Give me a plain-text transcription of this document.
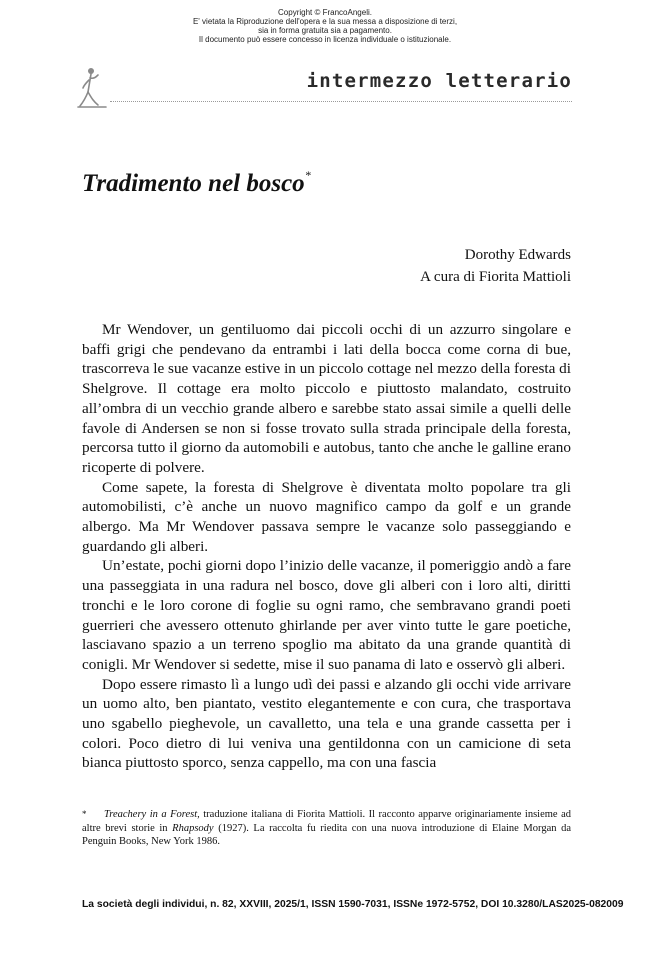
Copyright © FrancoAngeli.
E' vietata la Riproduzione dell'opera e la sua messa a disposizione di terzi,
sia in forma gratuita sia a pagamento.
Il documento può essere concesso in licenza individuale o istituzionale.
intermezzo letterario
Tradimento nel bosco*
Dorothy Edwards
A cura di Fiorita Mattioli

Mr Wendover, un gentiluomo dai piccoli occhi di un azzurro singolare e baffi grigi che pendevano da entrambi i lati della bocca come corna di bue, trascorreva le sue vacanze estive in un piccolo cottage nel mezzo della foresta di Shelgrove. Il cottage era molto piccolo e piuttosto malandato, costruito all’ombra di un vecchio grande albero e sarebbe stato assai simile a quelli delle favole di Andersen se non si fosse trovato sulla strada principale della foresta, percorsa tutto il giorno da automobili e autobus, tanto che anche le galline erano ricoperte di polvere.

Come sapete, la foresta di Shelgrove è diventata molto popolare tra gli automobilisti, c’è anche un nuovo magnifico campo da golf e un grande albergo. Ma Mr Wendover passava sempre le vacanze solo passeggiando e guardando gli alberi.

Un’estate, pochi giorni dopo l’inizio delle vacanze, il pomeriggio andò a fare una passeggiata in una radura nel bosco, dove gli alberi con i loro alti, diritti tronchi e le loro corone di foglie su ogni ramo, che sembravano grandi poeti guerrieri che avessero ottenuto ghirlande per aver vinto tutte le gare poetiche, lasciavano spazio a un terreno spoglio ma abitato da una grande quantità di conigli. Mr Wendover si sedette, mise il suo panama di lato e osservò gli alberi.

Dopo essere rimasto lì a lungo udì dei passi e alzando gli occhi vide arrivare un uomo alto, ben piantato, vestito elegantemente e con cura, che trasportava uno sgabello pieghevole, un cavalletto, una tela e una grande cassetta per i colori. Poco dietro di lui veniva una gentildonna con un camicione di seta bianca piuttosto sporco, senza cappello, ma con una fascia

* Treachery in a Forest, traduzione italiana di Fiorita Mattioli. Il racconto apparve originariamente insieme ad altre brevi storie in Rhapsody (1927). La raccolta fu riedita con una nuova introduzione di Elaine Morgan da Penguin Books, New York 1986.
La società degli individui, n. 82, XXVIII, 2025/1, ISSN 1590-7031, ISSNe 1972-5752, DOI 10.3280/LAS2025-082009
